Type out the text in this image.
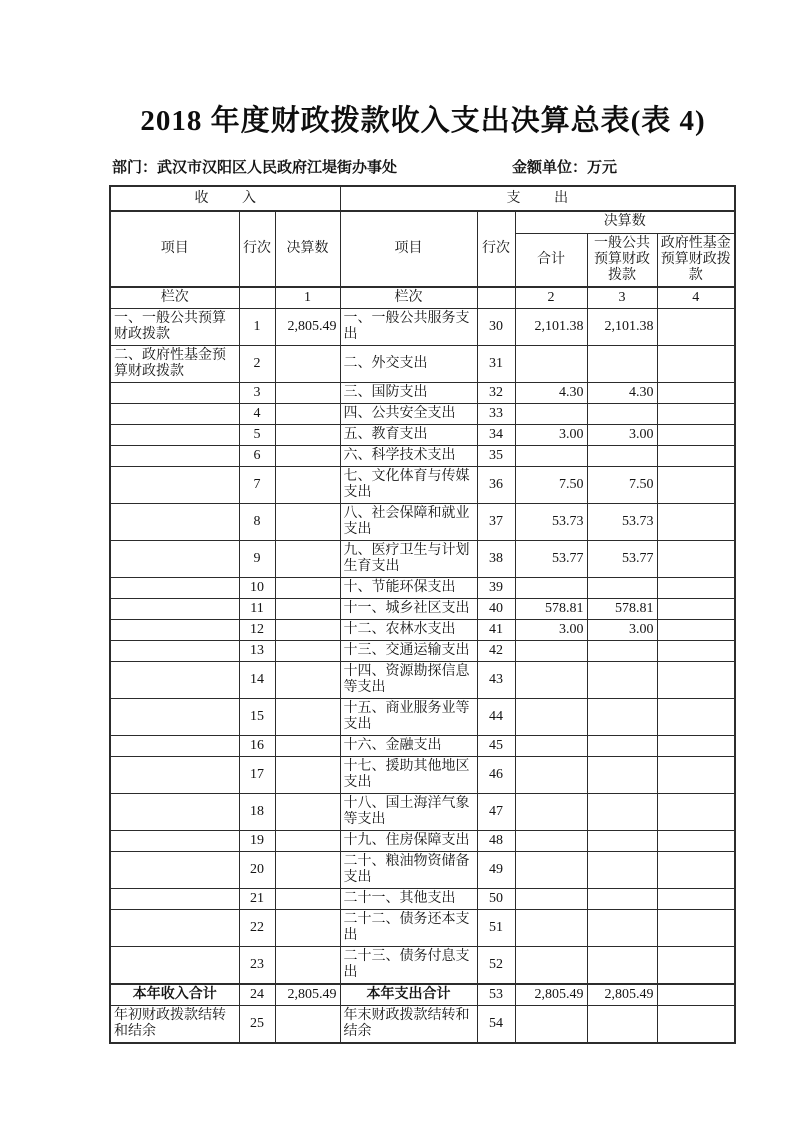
2018 年度财政拨款收入支出决算总表(表 4)
部门：武汉市汉阳区人民政府江堤街办事处	金额单位：万元
收入			支出				
项目	行次	决算数	项目	行次	决算数		
					合计	一般公共预算财政拨款	政府性基金预算财政拨款
栏次		1	栏次		2	3	4
一、一般公共预算财政拨款	1	2,805.49	一、一般公共服务支出	30	2,101.38	2,101.38	
二、政府性基金预算财政拨款	2		二、外交支出	31			
	3		三、国防支出	32	4.30	4.30	
	4		四、公共安全支出	33			
	5		五、教育支出	34	3.00	3.00	
	6		六、科学技术支出	35			
	7		七、文化体育与传媒支出	36	7.50	7.50	
	8		八、社会保障和就业支出	37	53.73	53.73	
	9		九、医疗卫生与计划生育支出	38	53.77	53.77	
	10		十、节能环保支出	39			
	11		十一、城乡社区支出	40	578.81	578.81	
	12		十二、农林水支出	41	3.00	3.00	
	13		十三、交通运输支出	42			
	14		十四、资源勘探信息等支出	43			
	15		十五、商业服务业等支出	44			
	16		十六、金融支出	45			
	17		十七、援助其他地区支出	46			
	18		十八、国土海洋气象等支出	47			
	19		十九、住房保障支出	48			
	20		二十、粮油物资储备支出	49			
	21		二十一、其他支出	50			
	22		二十二、债务还本支出	51			
	23		二十三、债务付息支出	52			
本年收入合计	24	2,805.49	本年支出合计	53	2,805.49	2,805.49	
年初财政拨款结转和结余	25		年末财政拨款结转和结余	54			
